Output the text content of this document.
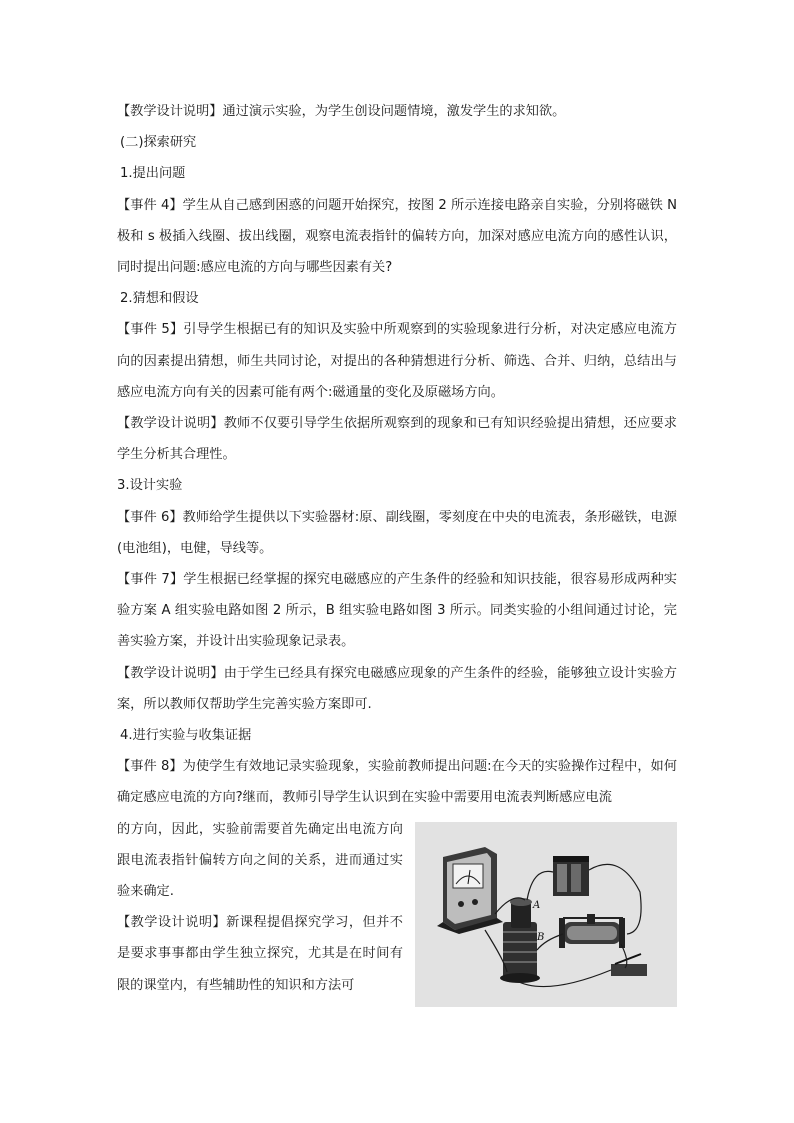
【教学设计说明】通过演示实验，为学生创设问题情境，激发学生的求知欲。

(二)探索研究

1.提出问题

【事件 4】学生从自己感到困惑的问题开始探究，按图 2 所示连接电路亲自实验，分别将磁铁 N 极和 s 极插入线圈、拔出线圈，观察电流表指针的偏转方向，加深对感应电流方向的感性认识，同时提出问题:感应电流的方向与哪些因素有关?

2.猜想和假设

【事件 5】引导学生根据已有的知识及实验中所观察到的实验现象进行分析，对决定感应电流方向的因素提出猜想，师生共同讨论，对提出的各种猜想进行分析、筛选、合并、归纳，总结出与感应电流方向有关的因素可能有两个:磁通量的变化及原磁场方向。

【教学设计说明】教师不仅要引导学生依据所观察到的现象和已有知识经验提出猜想，还应要求学生分析其合理性。

3.设计实验

【事件 6】教师给学生提供以下实验器材:原、副线圈，零刻度在中央的电流表，条形磁铁，电源(电池组)，电健，导线等。

【事件 7】学生根据已经掌握的探究电磁感应的产生条件的经验和知识技能，很容易形成两种实验方案 A 组实验电路如图 2 所示，B 组实验电路如图 3 所示。同类实验的小组间通过讨论，完善实验方案，并设计出实验现象记录表。

【教学设计说明】由于学生已经具有探究电磁感应现象的产生条件的经验，能够独立设计实验方案，所以教师仅帮助学生完善实验方案即可.

4.进行实验与收集证据

【事件 8】为使学生有效地记录实验现象，实验前教师提出问题:在今天的实验操作过程中，如何确定感应电流的方向?继而，教师引导学生认识到在实验中需要用电流表判断感应电流

的方向，因此，实验前需要首先确定出电流方向跟电流表指针偏转方向之间的关系，进而通过实验来确定.

【教学设计说明】新课程提倡探究学习，但并不是要求事事都由学生独立探究，尤其是在时间有限的课堂内，有些辅助性的知识和方法可

A
B
